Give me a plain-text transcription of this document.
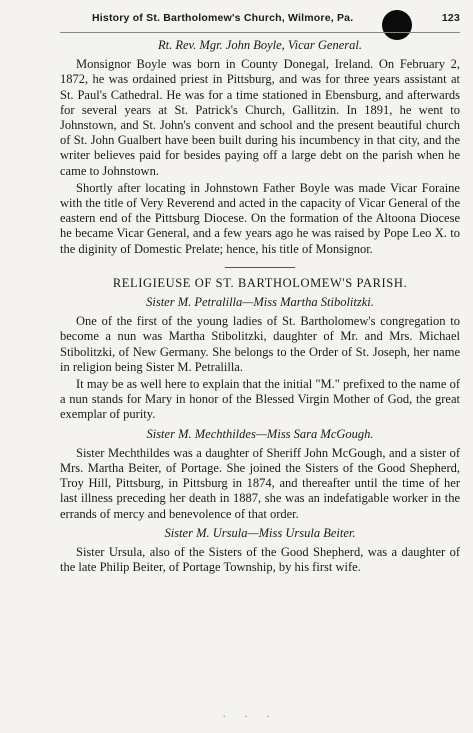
History of St. Bartholomew's Church, Wilmore, Pa.	123
Rt. Rev. Mgr. John Boyle, Vicar General.

Monsignor Boyle was born in County Donegal, Ireland. On February 2, 1872, he was ordained priest in Pittsburg, and was for three years assistant at St. Paul's Cathedral. He was for a time stationed in Ebensburg, and afterwards for several years at St. Patrick's Church, Gallitzin. In 1891, he went to Johnstown, and St. John's convent and school and the present beautiful church of St. John Gualbert have been built during his incumbency in that city, and the writer believes paid for besides paying off a large debt on the parish when he came to Johnstown.

Shortly after locating in Johnstown Father Boyle was made Vicar Foraine with the title of Very Reverend and acted in the capacity of Vicar General of the eastern end of the Pittsburg Diocese. On the formation of the Altoona Diocese he became Vicar General, and a few years ago he was raised by Pope Leo X. to the diginity of Domestic Prelate; hence, his title of Monsignor.

RELIGIEUSE OF ST. BARTHOLOMEW'S PARISH.
Sister M. Petralilla—Miss Martha Stibolitzki.

One of the first of the young ladies of St. Bartholomew's congregation to become a nun was Martha Stibolitzki, daughter of Mr. and Mrs. Michael Stibolitzki, of New Germany. She belongs to the Order of St. Joseph, her name in religion being Sister M. Petralilla.

It may be as well here to explain that the initial "M." prefixed to the name of a nun stands for Mary in honor of the Blessed Virgin Mother of God, the great exemplar of purity.

Sister M. Mechthildes—Miss Sara McGough.

Sister Mechthildes was a daughter of Sheriff John McGough, and a sister of Mrs. Martha Beiter, of Portage. She joined the Sisters of the Good Shepherd, Troy Hill, Pittsburg, in Pittsburg in 1874, and thereafter until the time of her last illness preceding her death in 1887, she was an indefatigable worker in the errands of mercy and benevolence of that order.

Sister M. Ursula—Miss Ursula Beiter.

Sister Ursula, also of the Sisters of the Good Shepherd, was a daughter of the late Philip Beiter, of Portage Township, by his first wife.

· · ·
